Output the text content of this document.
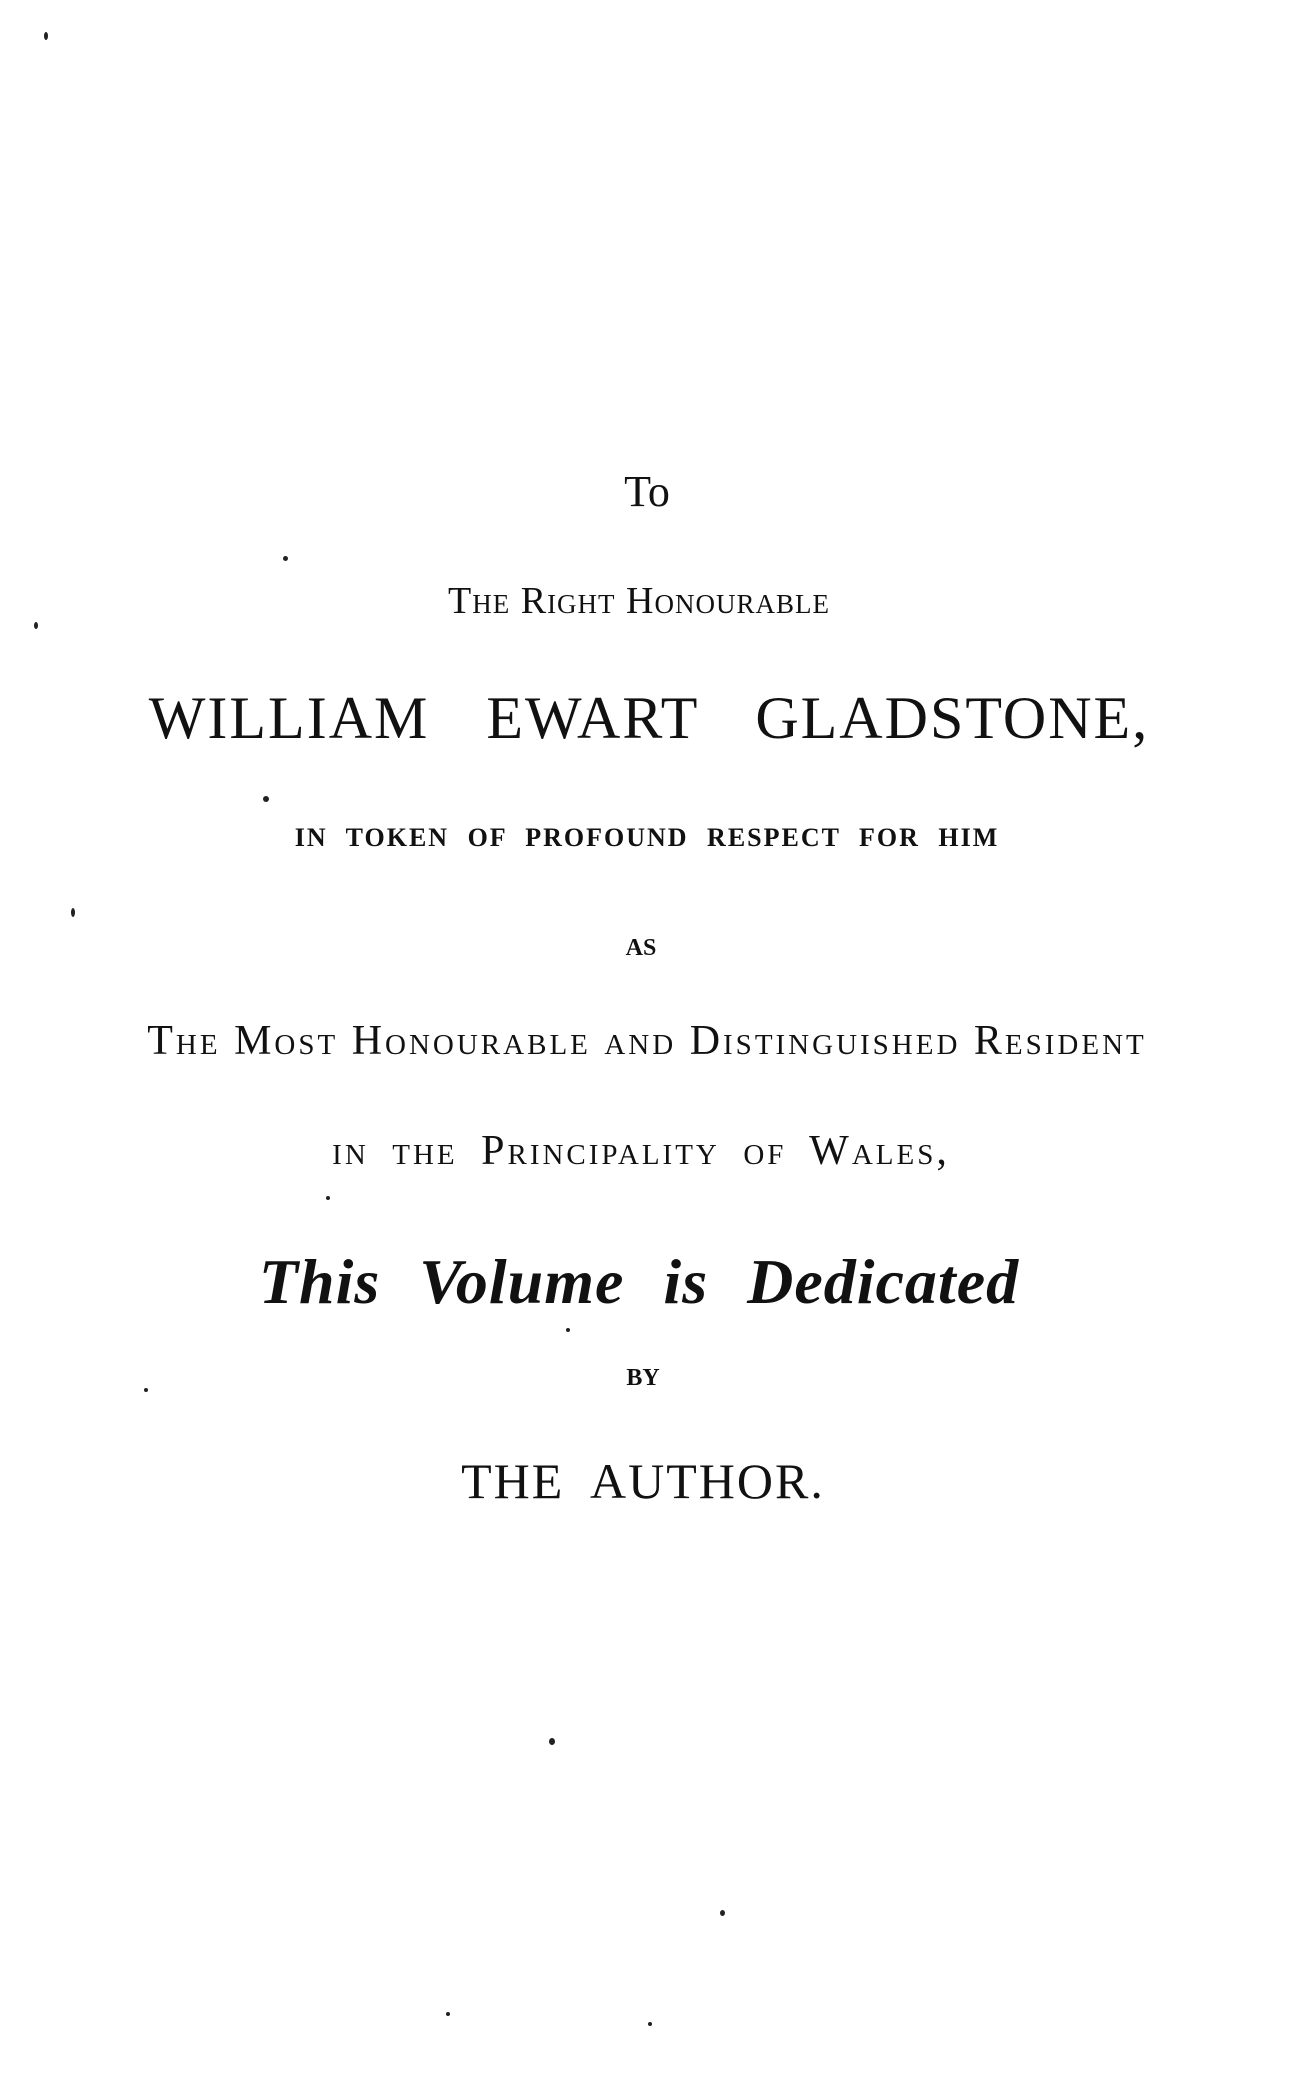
To
The Right Honourable
WILLIAM EWART GLADSTONE,
IN TOKEN OF PROFOUND RESPECT FOR HIM
AS
The Most Honourable and Distinguished Resident
in the Principality of Wales,
This Volume is Dedicated
BY
THE AUTHOR.
